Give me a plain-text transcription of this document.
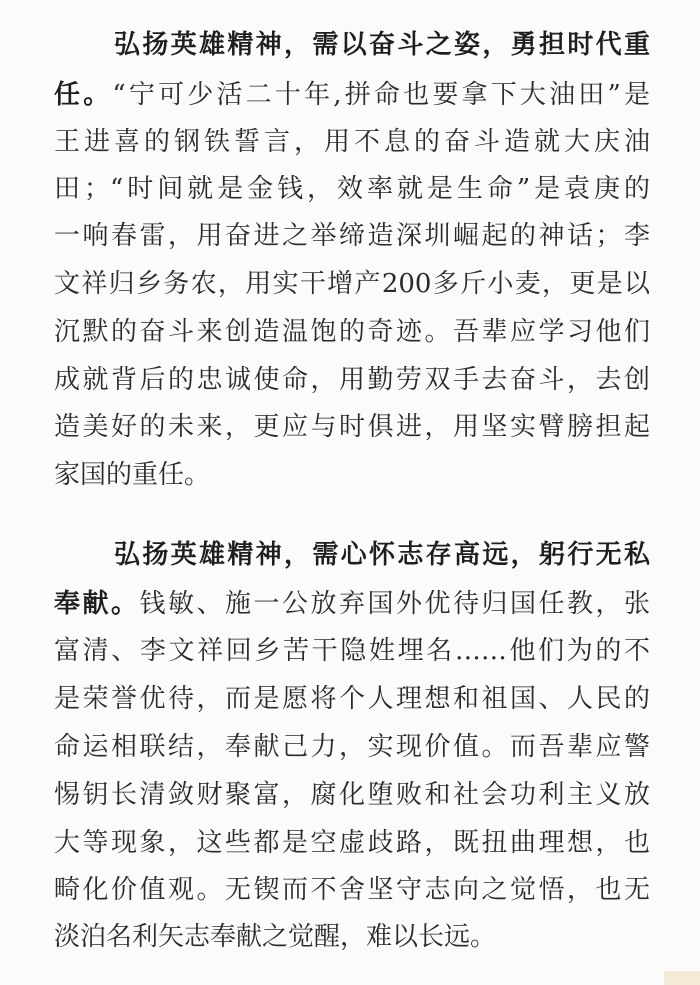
弘扬英雄精神，需以奋斗之姿，勇担时代重
任。“宁可少活二十年,拼命也要拿下大油田”是
王进喜的钢铁誓言，用不息的奋斗造就大庆油
田；“时间就是金钱，效率就是生命”是袁庚的
一响春雷，用奋进之举缔造深圳崛起的神话；李
文祥归乡务农，用实干增产200多斤小麦，更是以
沉默的奋斗来创造温饱的奇迹。吾辈应学习他们
成就背后的忠诚使命，用勤劳双手去奋斗，去创
造美好的未来，更应与时俱进，用坚实臂膀担起
家国的重任。
弘扬英雄精神，需心怀志存高远，躬行无私
奉献。钱敏、施一公放弃国外优待归国任教，张
富清、李文祥回乡苦干隐姓埋名……他们为的不
是荣誉优待，而是愿将个人理想和祖国、人民的
命运相联结，奉献己力，实现价值。而吾辈应警
惕钥长清敛财聚富，腐化堕败和社会功利主义放
大等现象，这些都是空虚歧路，既扭曲理想，也
畸化价值观。无锲而不舍坚守志向之觉悟，也无
淡泊名利矢志奉献之觉醒，难以长远。
